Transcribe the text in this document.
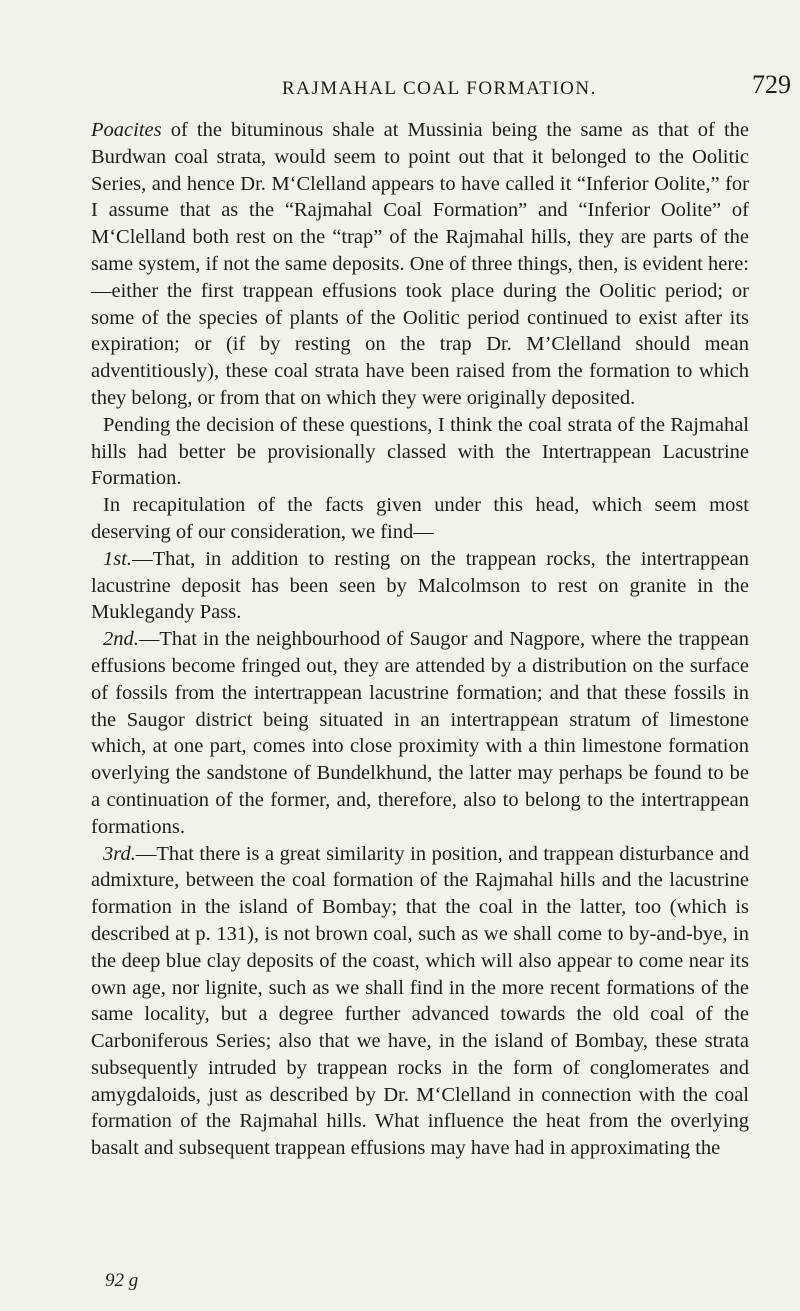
RAJMAHAL COAL FORMATION.	729

Poacites of the bituminous shale at Mussinia being the same as that of the Burdwan coal strata, would seem to point out that it belonged to the Oolitic Series, and hence Dr. M‘Clelland appears to have called it “Inferior Oolite,” for I assume that as the “Rajmahal Coal Formation” and “Inferior Oolite” of M‘Clelland both rest on the “trap” of the Rajmahal hills, they are parts of the same system, if not the same deposits. One of three things, then, is evident here:—either the first trappean effusions took place during the Oolitic period; or some of the species of plants of the Oolitic period continued to exist after its expiration; or (if by resting on the trap Dr. M’Clelland should mean adventitiously), these coal strata have been raised from the formation to which they belong, or from that on which they were originally deposited.

Pending the decision of these questions, I think the coal strata of the Rajmahal hills had better be provisionally classed with the Intertrappean Lacustrine Formation.

In recapitulation of the facts given under this head, which seem most deserving of our consideration, we find—

1st.—That, in addition to resting on the trappean rocks, the intertrappean lacustrine deposit has been seen by Malcolmson to rest on granite in the Muklegandy Pass.

2nd.—That in the neighbourhood of Saugor and Nagpore, where the trappean effusions become fringed out, they are attended by a distribution on the surface of fossils from the intertrappean lacustrine formation; and that these fossils in the Saugor district being situated in an intertrappean stratum of limestone which, at one part, comes into close proximity with a thin limestone formation overlying the sandstone of Bundelkhund, the latter may perhaps be found to be a continuation of the former, and, therefore, also to belong to the intertrappean formations.

3rd.—That there is a great similarity in position, and trappean disturbance and admixture, between the coal formation of the Rajmahal hills and the lacustrine formation in the island of Bombay; that the coal in the latter, too (which is described at p. 131), is not brown coal, such as we shall come to by-and-bye, in the deep blue clay deposits of the coast, which will also appear to come near its own age, nor lignite, such as we shall find in the more recent formations of the same locality, but a degree further advanced towards the old coal of the Carboniferous Series; also that we have, in the island of Bombay, these strata subsequently intruded by trappean rocks in the form of conglomerates and amygdaloids, just as described by Dr. M‘Clelland in connection with the coal formation of the Rajmahal hills. What influence the heat from the overlying basalt and subsequent trappean effusions may have had in approximating the

92 g
